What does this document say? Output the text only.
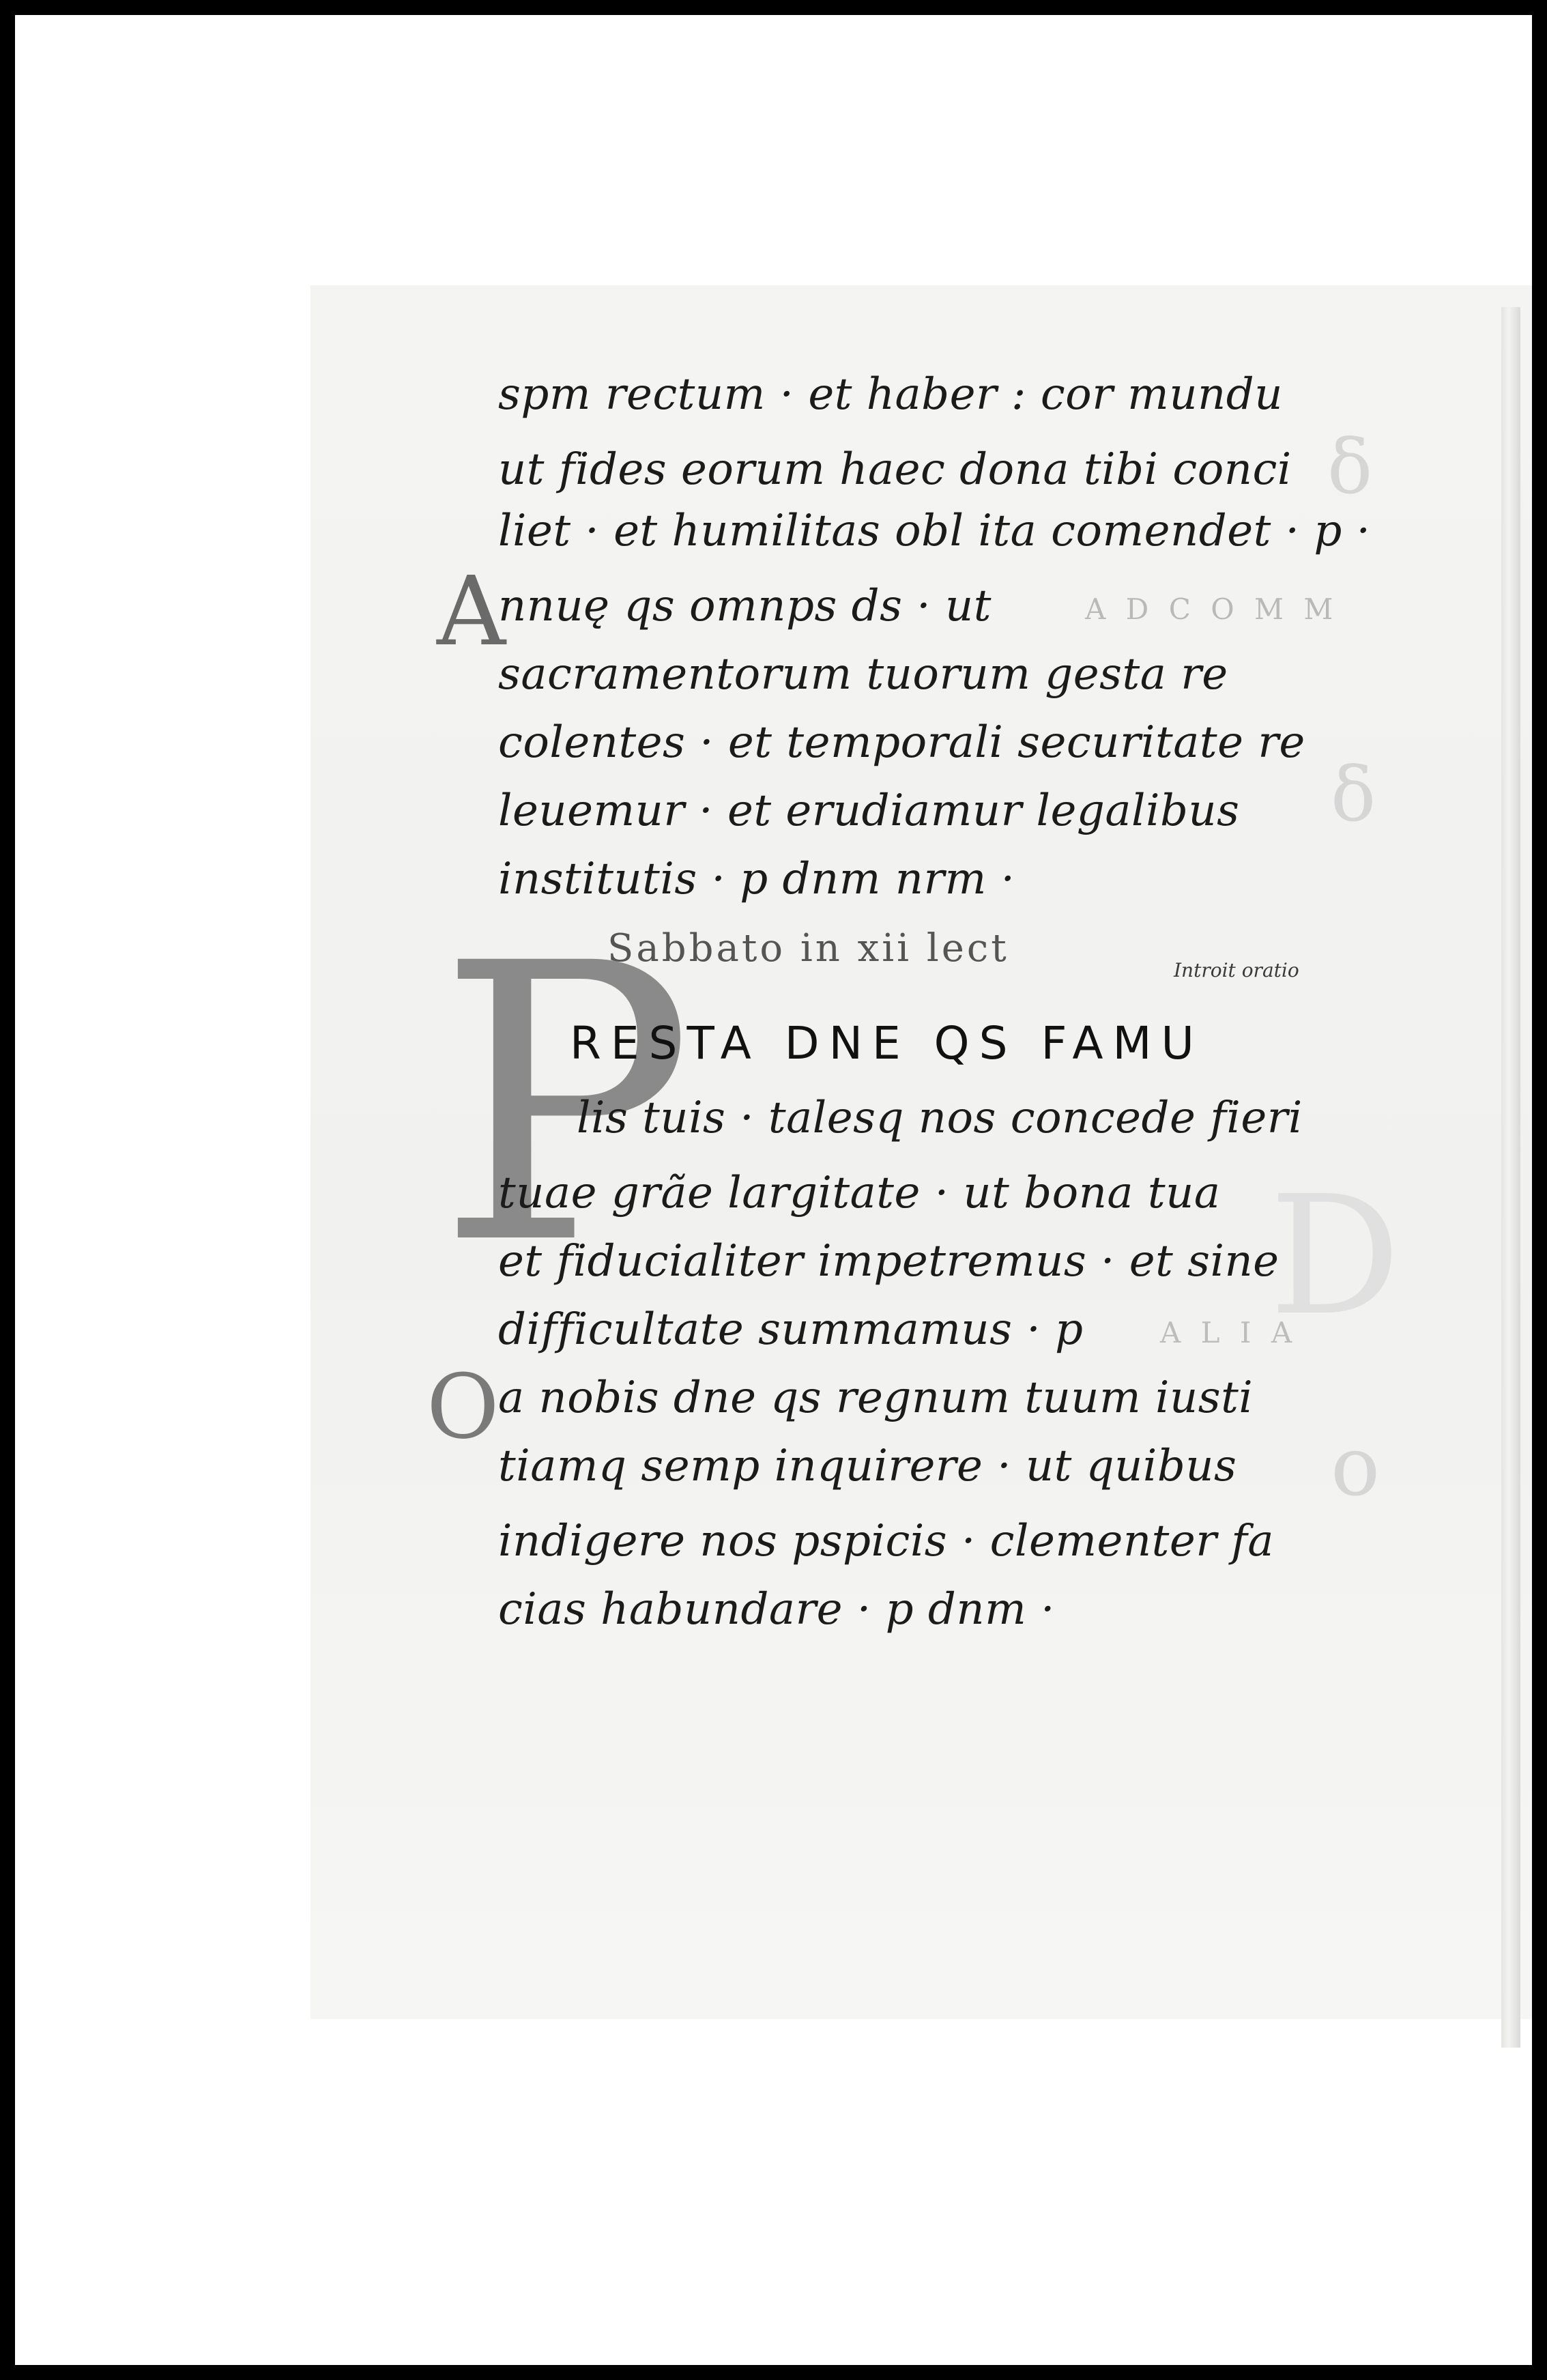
δ
δ
D
o

spm rectum · et haber : cor mundu

ut fides eorum haec dona tibi conci

liet · et humilitas obl ita comendet · p ·

A

nnuę qs omnps ds · ut	A D C O M M

sacramentorum tuorum gesta re

colentes · et temporali securitate re

leuemur · et erudiamur legalibus

institutis · p dnm nrm ·

Sabbato in xii lect	Introit oratio
P
RESTA DNE QS FAMU

lis tuis · talesq nos concede fieri

tuae grãe largitate · ut bona tua

et fiducialiter impetremus · et sine

difficultate summamus · p	A L I A
O

a nobis dne qs regnum tuum iusti

tiamq semp inquirere · ut quibus

indigere nos pspicis · clementer fa

cias habundare · p dnm ·
